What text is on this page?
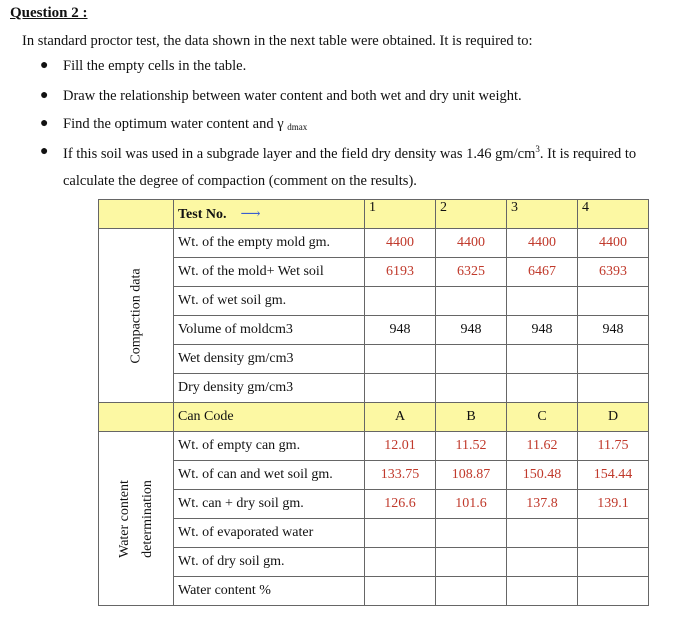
Question 2 :
In standard proctor test, the data shown in the next table were obtained. It is required to:
● Fill the empty cells in the table.
● Draw the relationship between water content and both wet and dry unit weight.
● Find the optimum water content and γ $_{dmax}$
● If this soil was used in a subgrade layer and the field dry density was 1.46 $gm/cm^3$. It is required to
calculate the degree of compaction (comment on the results).
	Test No. ⟶	1	2	3	4

Compaction data	Wt. of the empty mold gm.	4400	4400	4400	4400
	Wt. of the mold+ Wet soil	6193	6325	6467	6393
	Wt. of wet soil gm.				
	Volume of moldcm3	948	948	948	948
	Wet density gm/cm3				
	Dry density gm/cm3				
	Can Code	A	B	C	D

Water content determination	Wt. of empty can gm.	12.01	11.52	11.62	11.75
	Wt. of can and wet soil gm.	133.75	108.87	150.48	154.44
	Wt. can + dry soil gm.	126.6	101.6	137.8	139.1
	Wt. of evaporated water				
	Wt. of dry soil gm.				
	Water content %				
